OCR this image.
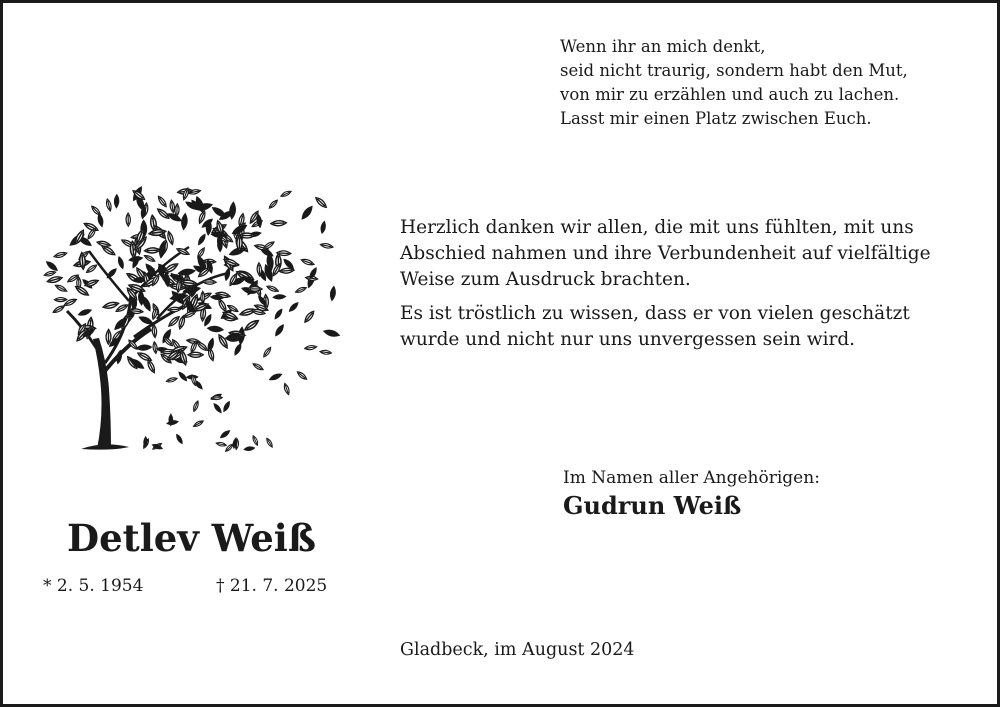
Wenn ihr an mich denkt,
seid nicht traurig, sondern habt den Mut,
von mir zu erzählen und auch zu lachen.
Lasst mir einen Platz zwischen Euch.

Herzlich danken wir allen, die mit uns fühlten, mit uns Abschied nahmen und ihre Verbundenheit auf vielfältige Weise zum Ausdruck brachten.

Es ist tröstlich zu wissen, dass er von vielen geschätzt wurde und nicht nur uns unvergessen sein wird.

Detlev Weiß
* 2. 5. 1954	† 21. 7. 2025
Im Namen aller Angehörigen:
Gudrun Weiß
Gladbeck, im August 2024
